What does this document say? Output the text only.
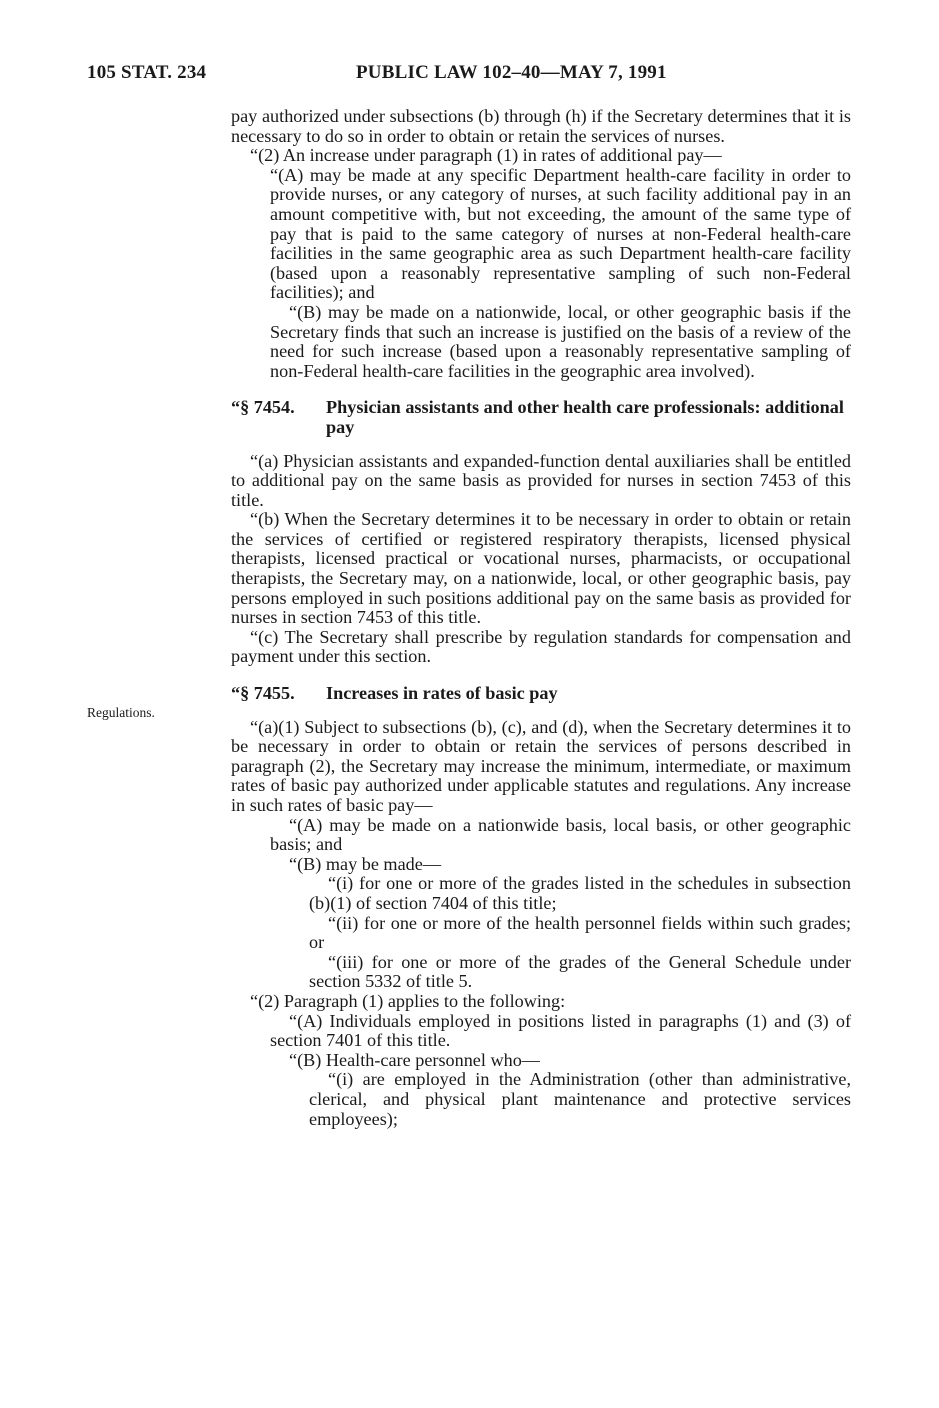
105 STAT. 234	PUBLIC LAW 102–40—MAY 7, 1991
Regulations.

pay authorized under subsections (b) through (h) if the Secretary determines that it is necessary to do so in order to obtain or retain the services of nurses.

“(2) An increase under paragraph (1) in rates of additional pay—

“(A) may be made at any specific Department health-care facility in order to provide nurses, or any category of nurses, at such facility additional pay in an amount competitive with, but not exceeding, the amount of the same type of pay that is paid to the same category of nurses at non-Federal health-care facilities in the same geographic area as such Department health-care facility (based upon a reasonably representative sampling of such non-Federal facilities); and

“(B) may be made on a nationwide, local, or other geographic basis if the Secretary finds that such an increase is justified on the basis of a review of the need for such increase (based upon a reasonably representative sampling of non-Federal health-care facilities in the geographic area involved).

“§ 7454. Physician assistants and other health care professionals: additional pay

“(a) Physician assistants and expanded-function dental auxiliaries shall be entitled to additional pay on the same basis as provided for nurses in section 7453 of this title.

“(b) When the Secretary determines it to be necessary in order to obtain or retain the services of certified or registered respiratory therapists, licensed physical therapists, licensed practical or vocational nurses, pharmacists, or occupational therapists, the Secretary may, on a nationwide, local, or other geographic basis, pay persons employed in such positions additional pay on the same basis as provided for nurses in section 7453 of this title.

“(c) The Secretary shall prescribe by regulation standards for compensation and payment under this section.

“§ 7455. Increases in rates of basic pay

“(a)(1) Subject to subsections (b), (c), and (d), when the Secretary determines it to be necessary in order to obtain or retain the services of persons described in paragraph (2), the Secretary may increase the minimum, intermediate, or maximum rates of basic pay authorized under applicable statutes and regulations. Any increase in such rates of basic pay—

“(A) may be made on a nationwide basis, local basis, or other geographic basis; and

“(B) may be made—

“(i) for one or more of the grades listed in the schedules in subsection (b)(1) of section 7404 of this title;

“(ii) for one or more of the health personnel fields within such grades; or

“(iii) for one or more of the grades of the General Schedule under section 5332 of title 5.

“(2) Paragraph (1) applies to the following:

“(A) Individuals employed in positions listed in paragraphs (1) and (3) of section 7401 of this title.

“(B) Health-care personnel who—

“(i) are employed in the Administration (other than administrative, clerical, and physical plant maintenance and protective services employees);
